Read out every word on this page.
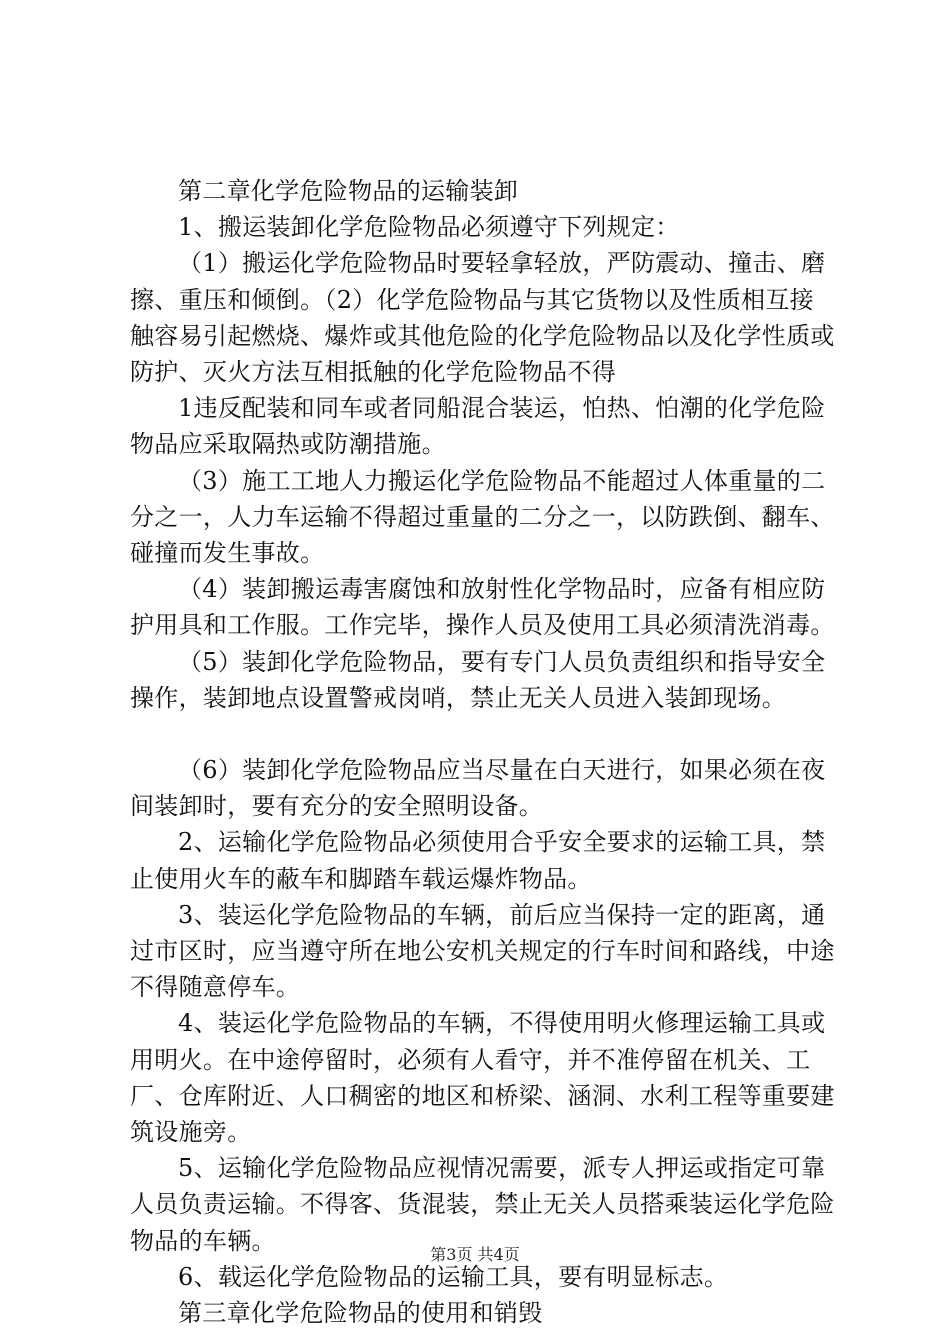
第二章化学危险物品的运输装卸

1、搬运装卸化学危险物品必须遵守下列规定：

（1）搬运化学危险物品时要轻拿轻放，严防震动、撞击、磨擦、重压和倾倒。（2）化学危险物品与其它货物以及性质相互接触容易引起燃烧、爆炸或其他危险的化学危险物品以及化学性质或防护、灭火方法互相抵触的化学危险物品不得

1违反配装和同车或者同船混合装运，怕热、怕潮的化学危险物品应采取隔热或防潮措施。

（3）施工工地人力搬运化学危险物品不能超过人体重量的二分之一，人力车运输不得超过重量的二分之一，以防跌倒、翻车、碰撞而发生事故。

（4）装卸搬运毒害腐蚀和放射性化学物品时，应备有相应防护用具和工作服。工作完毕，操作人员及使用工具必须清洗消毒。

（5）装卸化学危险物品，要有专门人员负责组织和指导安全操作，装卸地点设置警戒岗哨，禁止无关人员进入装卸现场。

（6）装卸化学危险物品应当尽量在白天进行，如果必须在夜间装卸时，要有充分的安全照明设备。

2、运输化学危险物品必须使用合乎安全要求的运输工具，禁止使用火车的蔽车和脚踏车载运爆炸物品。

3、装运化学危险物品的车辆，前后应当保持一定的距离，通过市区时，应当遵守所在地公安机关规定的行车时间和路线，中途不得随意停车。

4、装运化学危险物品的车辆，不得使用明火修理运输工具或用明火。在中途停留时，必须有人看守，并不准停留在机关、工厂、仓库附近、人口稠密的地区和桥梁、涵洞、水利工程等重要建筑设施旁。

5、运输化学危险物品应视情况需要，派专人押运或指定可靠人员负责运输。不得客、货混装，禁止无关人员搭乘装运化学危险物品的车辆。

6、载运化学危险物品的运输工具，要有明显标志。

第三章化学危险物品的使用和销毁

第3页 共4页
